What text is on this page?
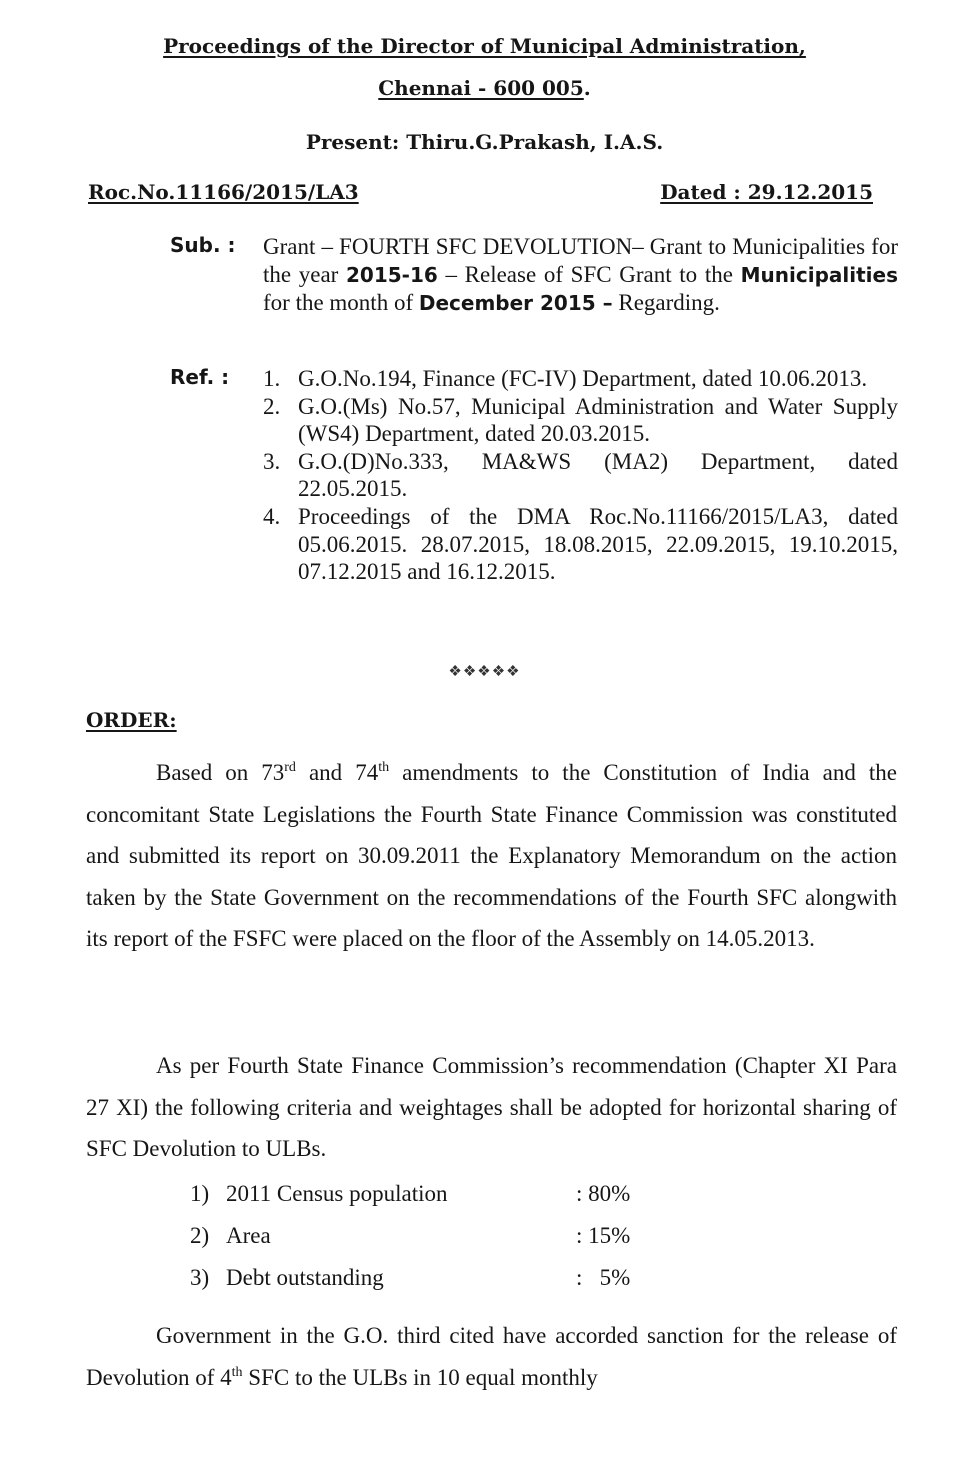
Proceedings of the Director of Municipal Administration,
Chennai - 600 005.
Present: Thiru.G.Prakash, I.A.S.
Roc.No.11166/2015/LA3	Dated : 29.12.2015
Sub. : Grant – FOURTH SFC DEVOLUTION– Grant to Municipalities for the year 2015-16 – Release of SFC Grant to the Municipalities for the month of December 2015 – Regarding.
Ref. : 1. G.O.No.194, Finance (FC-IV) Department, dated 10.06.2013.
2. G.O.(Ms) No.57, Municipal Administration and Water Supply (WS4) Department, dated 20.03.2015.
3. G.O.(D)No.333, MA&WS (MA2) Department, dated 22.05.2015.
4. Proceedings of the DMA Roc.No.11166/2015/LA3, dated 05.06.2015. 28.07.2015, 18.08.2015, 22.09.2015, 19.10.2015, 07.12.2015 and 16.12.2015.
❖❖❖❖❖
ORDER:
Based on 73rd and 74th amendments to the Constitution of India and the concomitant State Legislations the Fourth State Finance Commission was constituted and submitted its report on 30.09.2011 the Explanatory Memorandum on the action taken by the State Government on the recommendations of the Fourth SFC alongwith its report of the FSFC were placed on the floor of the Assembly on 14.05.2013.
As per Fourth State Finance Commission’s recommendation (Chapter XI Para 27 XI) the following criteria and weightages shall be adopted for horizontal sharing of SFC Devolution to ULBs.
1) 2011 Census population	: 80%
2) Area	: 15%
3) Debt outstanding	:   5%
Government in the G.O. third cited have accorded sanction for the release of Devolution of 4th SFC to the ULBs in 10 equal monthly
